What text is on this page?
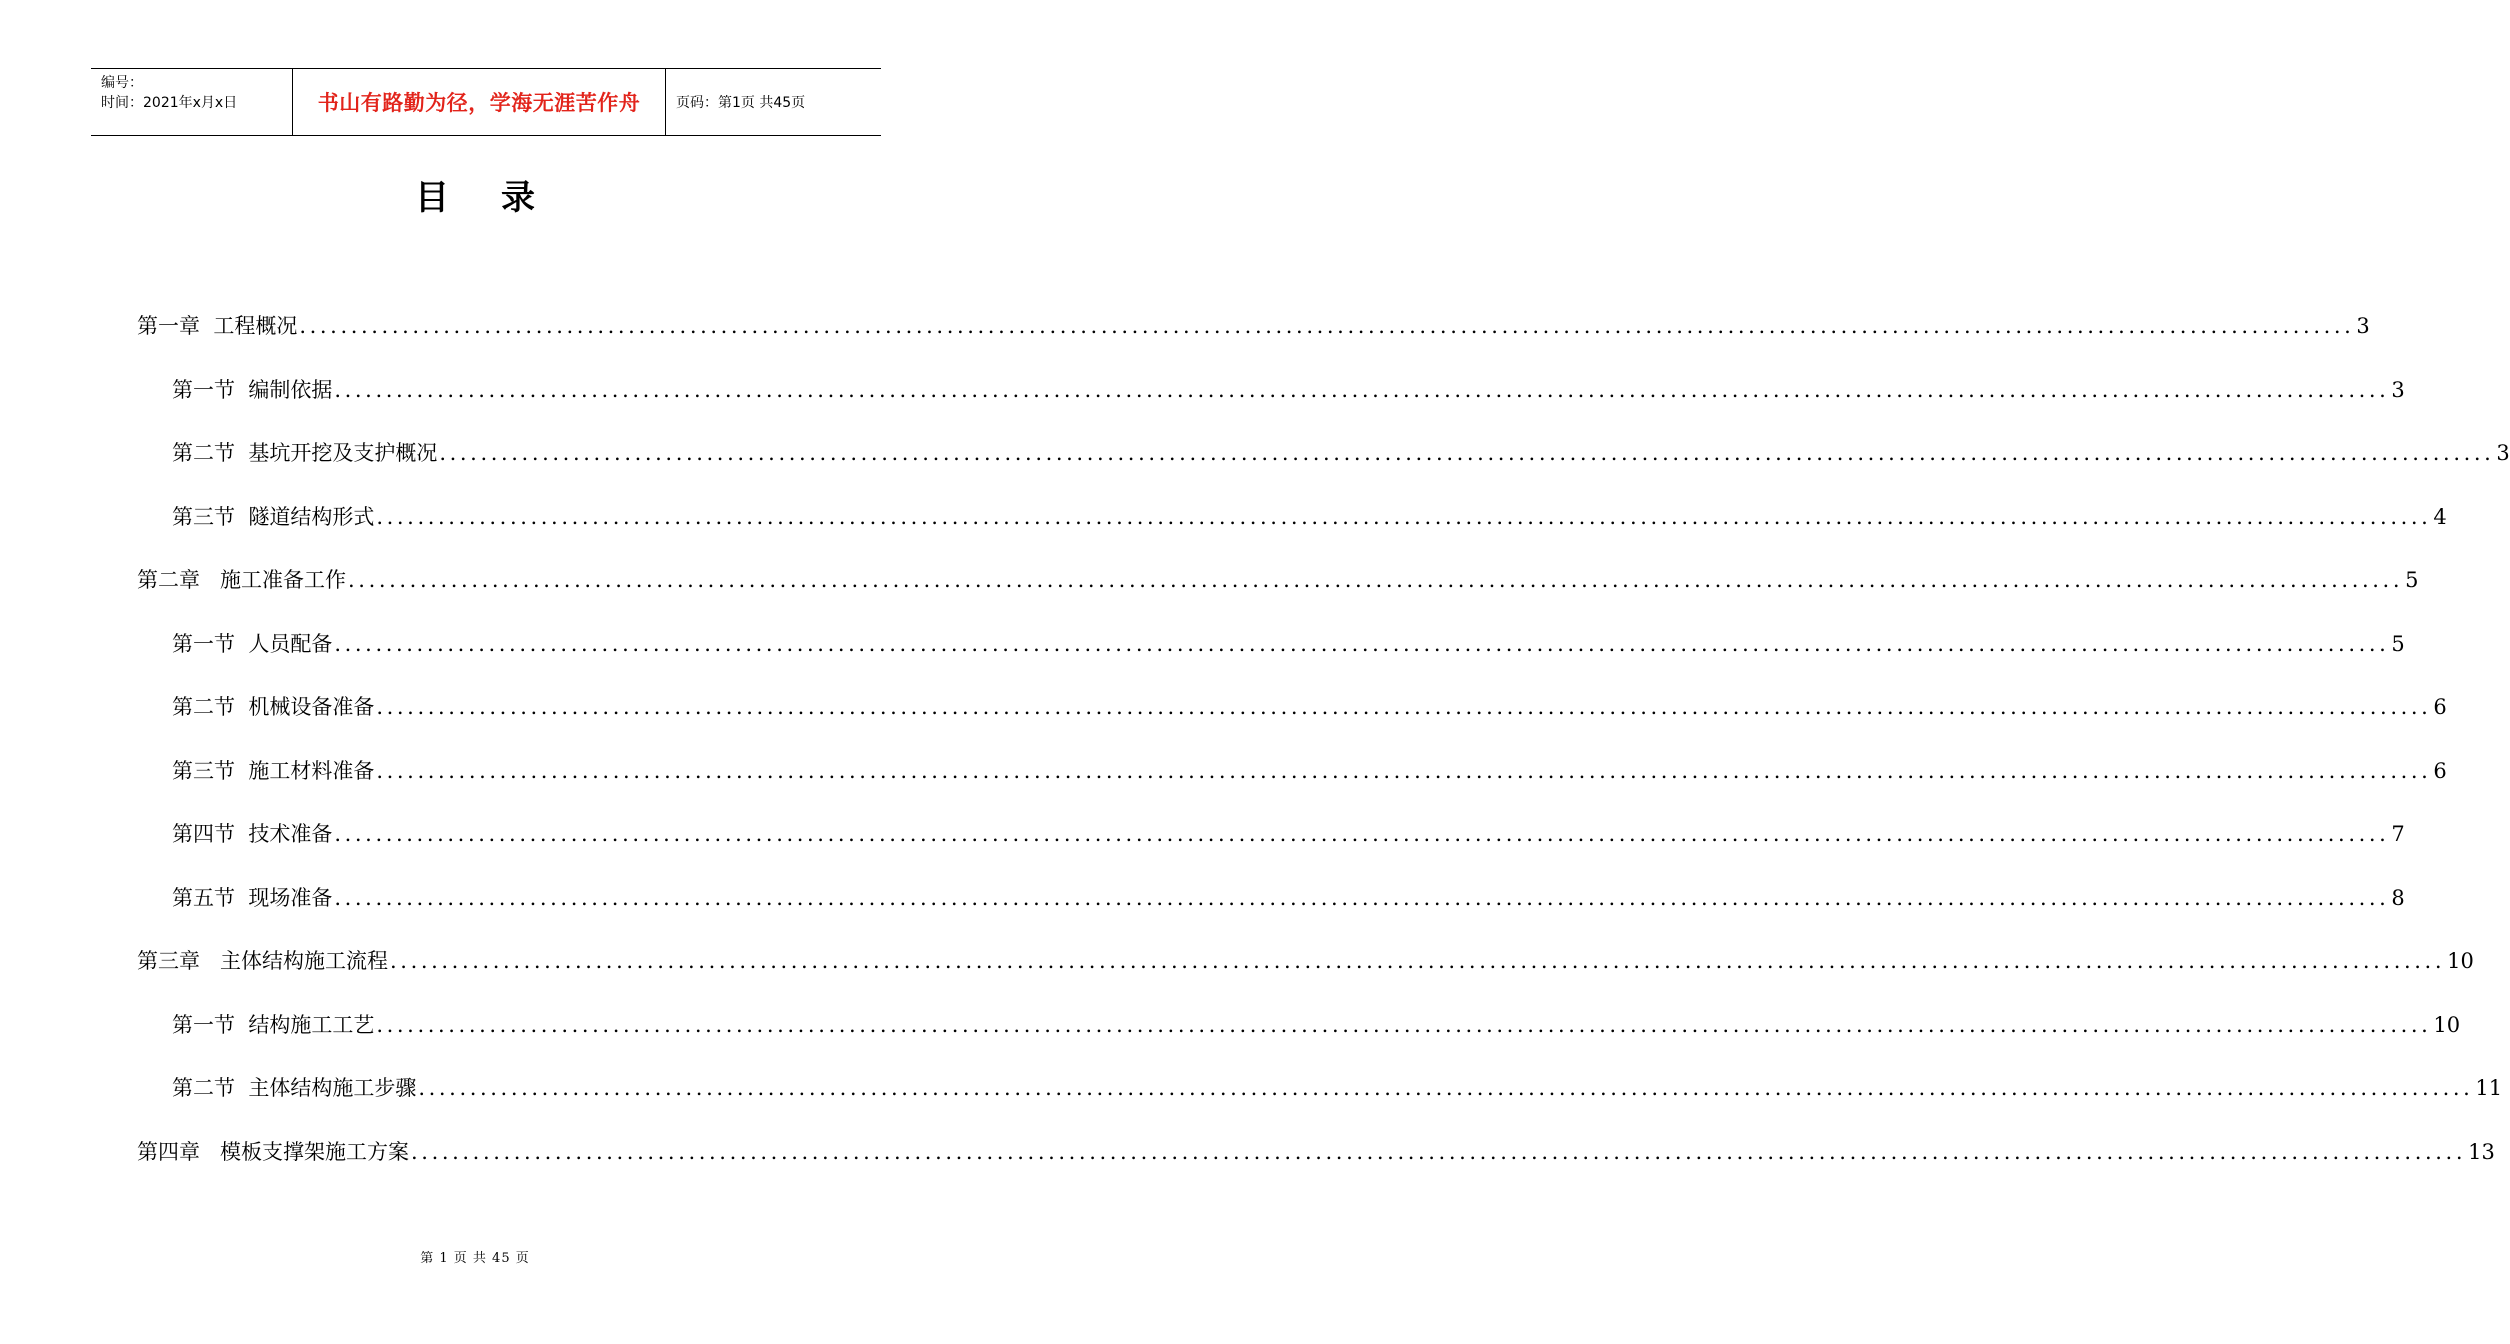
编号：
时间：2021年x月x日	书山有路勤为径，学海无涯苦作舟	页码：第1页 共45页
目录
第一章  工程概况 ........................................................................................................................................................................................................ 3
第一节  编制依据 ........................................................................................................................................................................................................ 3
第二节  基坑开挖及支护概况 ........................................................................................................................................................................................................ 3
第三节  隧道结构形式 ........................................................................................................................................................................................................ 4
第二章   施工准备工作 ........................................................................................................................................................................................................ 5
第一节  人员配备 ........................................................................................................................................................................................................ 5
第二节  机械设备准备 ........................................................................................................................................................................................................ 6
第三节  施工材料准备 ........................................................................................................................................................................................................ 6
第四节  技术准备 ........................................................................................................................................................................................................ 7
第五节  现场准备 ........................................................................................................................................................................................................ 8
第三章   主体结构施工流程 ........................................................................................................................................................................................................ 10
第一节  结构施工工艺 ........................................................................................................................................................................................................ 10
第二节  主体结构施工步骤 ........................................................................................................................................................................................................ 11
第四章   模板支撑架施工方案 ........................................................................................................................................................................................................ 13
第 1 页 共 45 页
